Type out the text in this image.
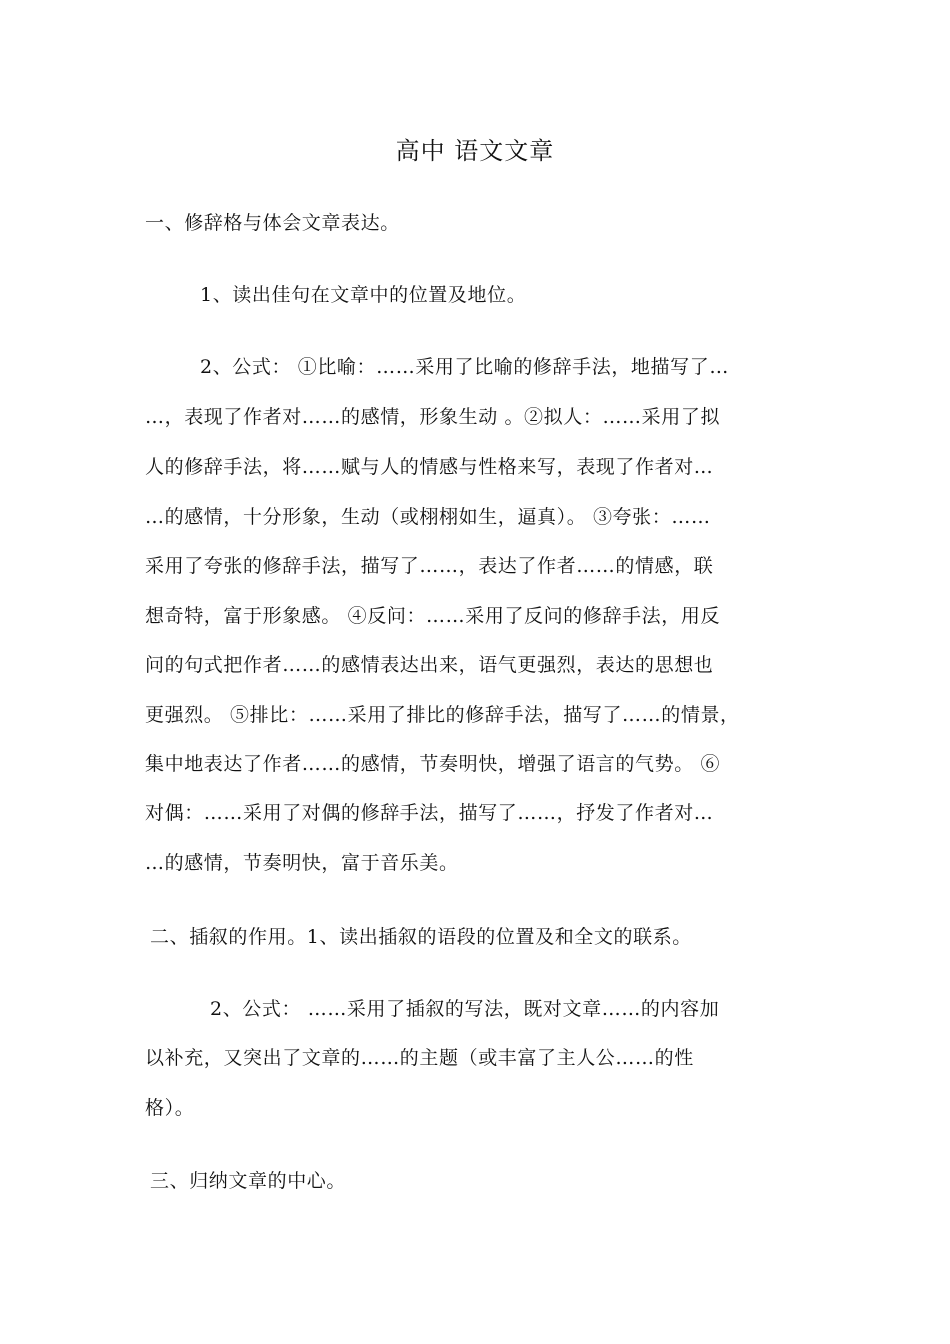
高中 语文文章
一、修辞格与体会文章表达。
1、读出佳句在文章中的位置及地位。
2、公式： ①比喻：……采用了比喻的修辞手法，地描写了…
…，表现了作者对……的感情，形象生动 。②拟人：……采用了拟
人的修辞手法，将……赋与人的情感与性格来写，表现了作者对…
…的感情，十分形象，生动（或栩栩如生，逼真）。 ③夸张：……
采用了夸张的修辞手法，描写了……，表达了作者……的情感，联
想奇特，富于形象感。 ④反问：……采用了反问的修辞手法，用反
问的句式把作者……的感情表达出来，语气更强烈，表达的思想也
更强烈。 ⑤排比：……采用了排比的修辞手法，描写了……的情景，
集中地表达了作者……的感情，节奏明快，增强了语言的气势。 ⑥
对偶：……采用了对偶的修辞手法，描写了……，抒发了作者对…
…的感情，节奏明快，富于音乐美。
二、插叙的作用。1、读出插叙的语段的位置及和全文的联系。
2、公式： ……采用了插叙的写法，既对文章……的内容加
以补充，又突出了文章的……的主题（或丰富了主人公……的性
格）。
三、归纳文章的中心。
